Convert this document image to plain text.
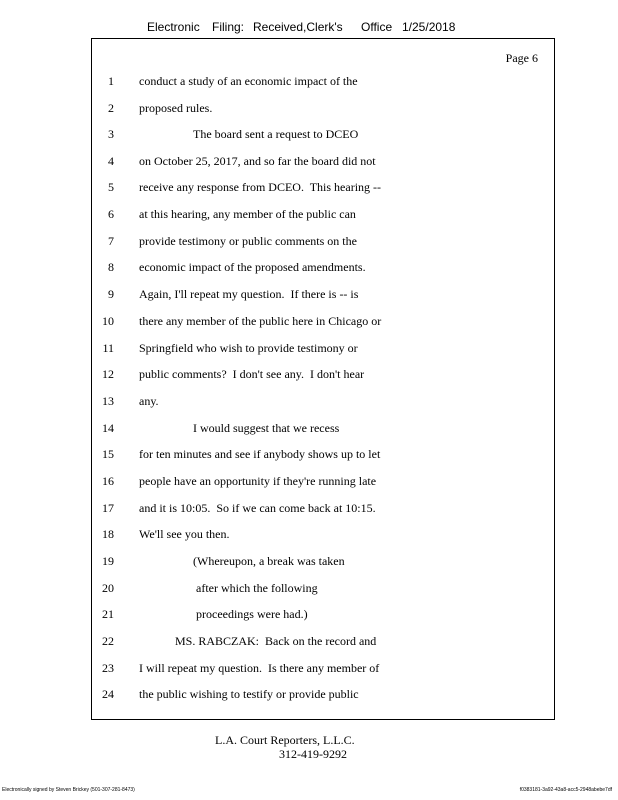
Electronic Filing: Received,Clerk's Office 1/25/2018
Page 6
1 conduct a study of an economic impact of the
2 proposed rules.
3	The board sent a request to DCEO
4 on October 25, 2017, and so far the board did not
5 receive any response from DCEO.  This hearing --
6 at this hearing, any member of the public can
7 provide testimony or public comments on the
8 economic impact of the proposed amendments.
9 Again, I'll repeat my question.  If there is -- is
10 there any member of the public here in Chicago or
11 Springfield who wish to provide testimony or
12 public comments?  I don't see any.  I don't hear
13 any.
14	I would suggest that we recess
15 for ten minutes and see if anybody shows up to let
16 people have an opportunity if they're running late
17 and it is 10:05.  So if we can come back at 10:15.
18 We'll see you then.
19	(Whereupon, a break was taken
20	after which the following
21	proceedings were had.)
22	MS. RABCZAK:  Back on the record and
23 I will repeat my question.  Is there any member of
24 the public wishing to testify or provide public
L.A. Court Reporters, L.L.C.
312-419-9292
Electronically signed by Steven Brickey (501-307-281-8473)	f0383181-3a92-43a8-acc5-2948abebe7df
